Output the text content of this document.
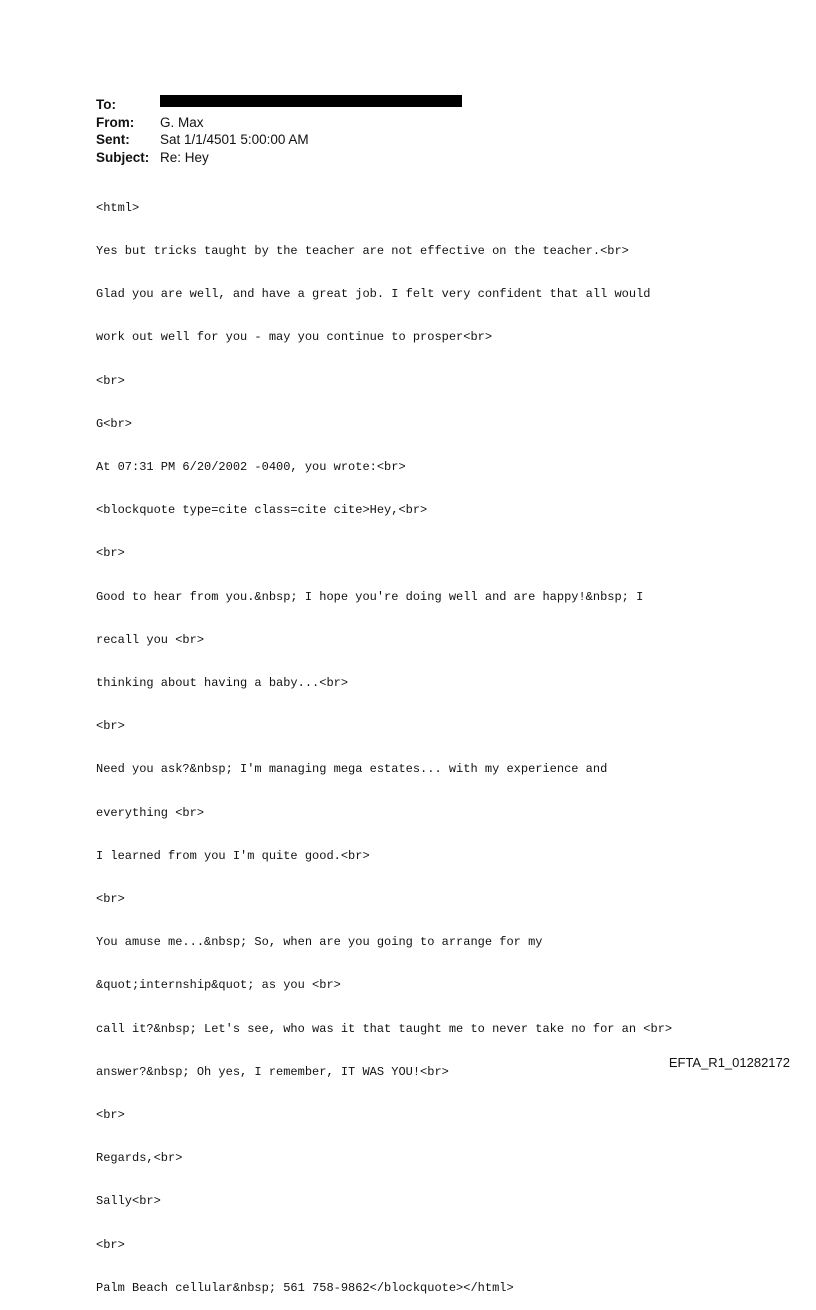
To:
From:	G. Max
Sent:	Sat 1/1/4501 5:00:00 AM
Subject: Re: Hey

<html>

Yes but tricks taught by the teacher are not effective on the teacher.<br>

Glad you are well, and have a great job. I felt very confident that all would

work out well for you - may you continue to prosper<br>

<br>

G<br>

At 07:31 PM 6/20/2002 -0400, you wrote:<br>

<blockquote type=cite class=cite cite>Hey,<br>

<br>

Good to hear from you.&nbsp; I hope you're doing well and are happy!&nbsp; I

recall you <br>

thinking about having a baby...<br>

<br>

Need you ask?&nbsp; I'm managing mega estates... with my experience and

everything <br>

I learned from you I'm quite good.<br>

<br>

You amuse me...&nbsp; So, when are you going to arrange for my

&quot;internship&quot; as you <br>

call it?&nbsp; Let's see, who was it that taught me to never take no for an <br>

answer?&nbsp; Oh yes, I remember, IT WAS YOU!<br>

<br>

Regards,<br>

Sally<br>

<br>

Palm Beach cellular&nbsp; 561 758-9862</blockquote></html>

EFTA_R1_01282172
